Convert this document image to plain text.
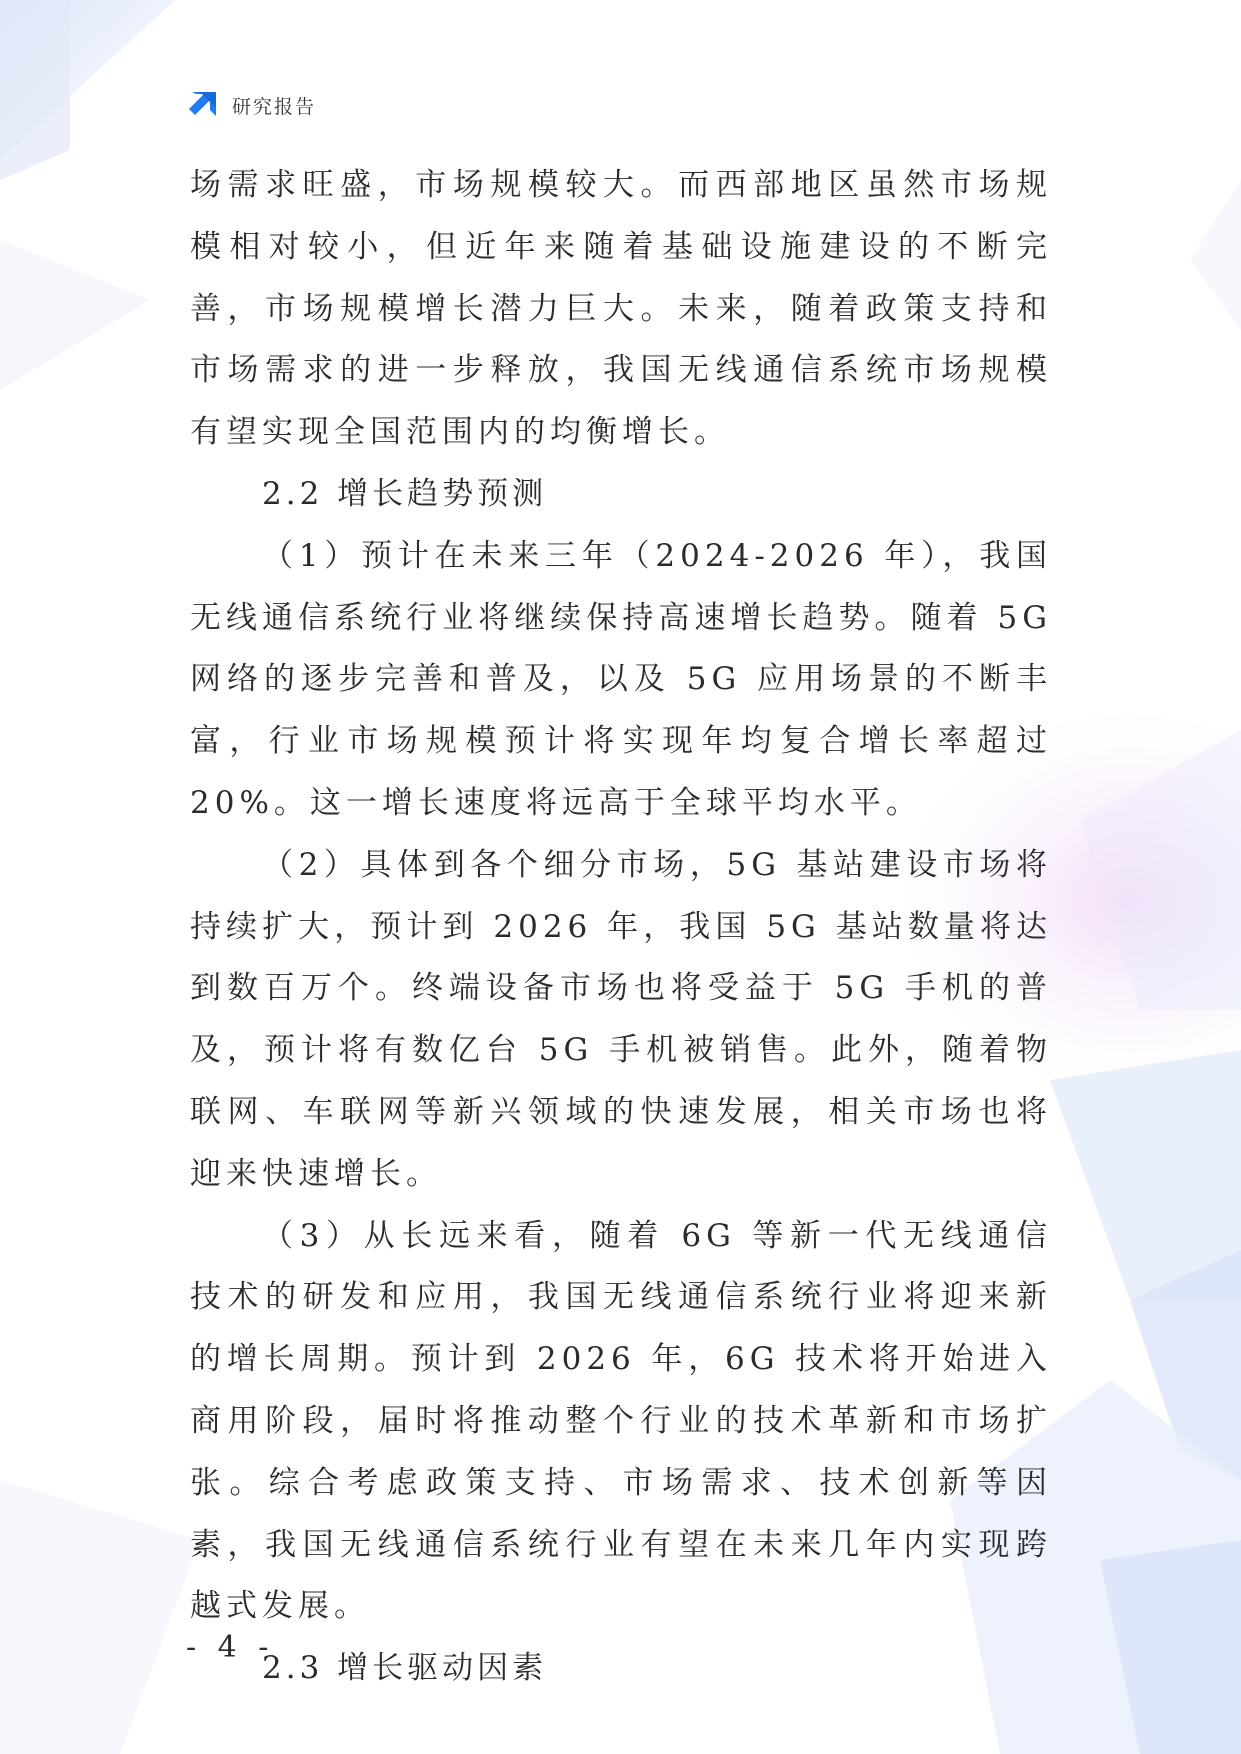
研究报告

场需求旺盛，市场规模较大。而西部地区虽然市场规模相对较小，但近年来随着基础设施建设的不断完善，市场规模增长潜力巨大。未来，随着政策支持和市场需求的进一步释放，我国无线通信系统市场规模有望实现全国范围内的均衡增长。

2.2 增长趋势预测

（1）预计在未来三年（2024-2026 年），我国无线通信系统行业将继续保持高速增长趋势。随着 5G 网络的逐步完善和普及，以及 5G 应用场景的不断丰富，行业市场规模预计将实现年均复合增长率超过 20%。这一增长速度将远高于全球平均水平。

（2）具体到各个细分市场，5G 基站建设市场将持续扩大，预计到 2026 年，我国 5G 基站数量将达到数百万个。终端设备市场也将受益于 5G 手机的普及，预计将有数亿台 5G 手机被销售。此外，随着物联网、车联网等新兴领域的快速发展，相关市场也将迎来快速增长。

（3）从长远来看，随着 6G 等新一代无线通信技术的研发和应用，我国无线通信系统行业将迎来新的增长周期。预计到 2026 年，6G 技术将开始进入商用阶段，届时将推动整个行业的技术革新和市场扩张。综合考虑政策支持、市场需求、技术创新等因素，我国无线通信系统行业有望在未来几年内实现跨越式发展。

2.3 增长驱动因素

- 4 -
